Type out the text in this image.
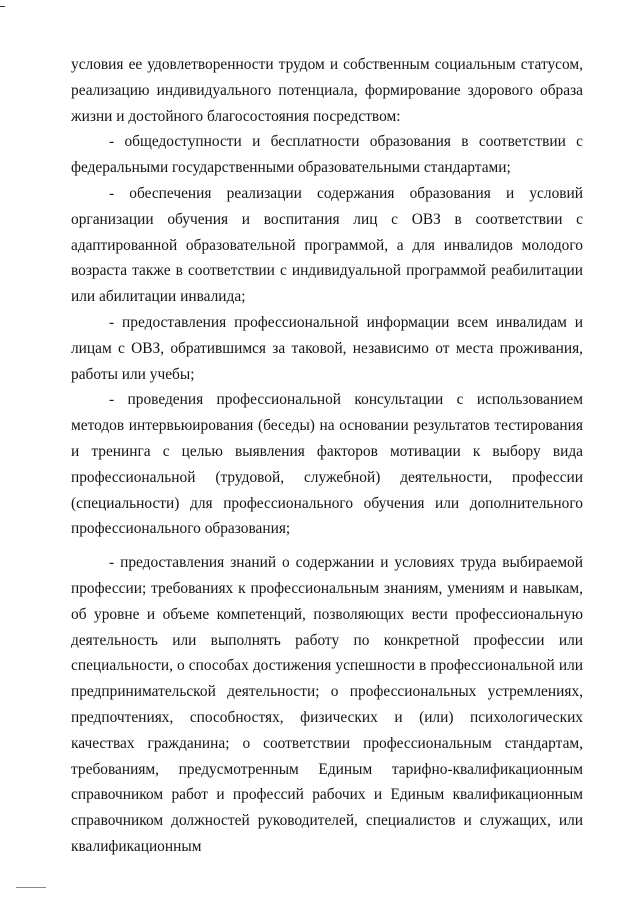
условия ее удовлетворенности трудом и собственным социальным статусом, реализацию индивидуального потенциала, формирование здорового образа жизни и достойного благосостояния посредством:

- общедоступности и бесплатности образования в соответствии с федеральными государственными образовательными стандартами;

- обеспечения реализации содержания образования и условий организации обучения и воспитания лиц с ОВЗ в соответствии с адаптированной образовательной программой, а для инвалидов молодого возраста также в соответствии с индивидуальной программой реабилитации или абилитации инвалида;

- предоставления профессиональной информации всем инвалидам и лицам с ОВЗ, обратившимся за таковой, независимо от места проживания, работы или учебы;

- проведения профессиональной консультации с использованием методов интервьюирования (беседы) на основании результатов тестирования и тренинга с целью выявления факторов мотивации к выбору вида профессиональной (трудовой, служебной) деятельности, профессии (специальности) для профессионального обучения или дополнительного профессионального образования;

- предоставления знаний о содержании и условиях труда выбираемой профессии; требованиях к профессиональным знаниям, умениям и навыкам, об уровне и объеме компетенций, позволяющих вести профессиональную деятельность или выполнять работу по конкретной профессии или специальности, о способах достижения успешности в профессиональной или предпринимательской деятельности; о профессиональных устремлениях, предпочтениях, способностях, физических и (или) психологических качествах гражданина; о соответствии профессиональным стандартам, требованиям, предусмотренным Единым тарифно-квалификационным справочником работ и профессий рабочих и Единым квалификационным справочником должностей руководителей, специалистов и служащих, или квалификационным
